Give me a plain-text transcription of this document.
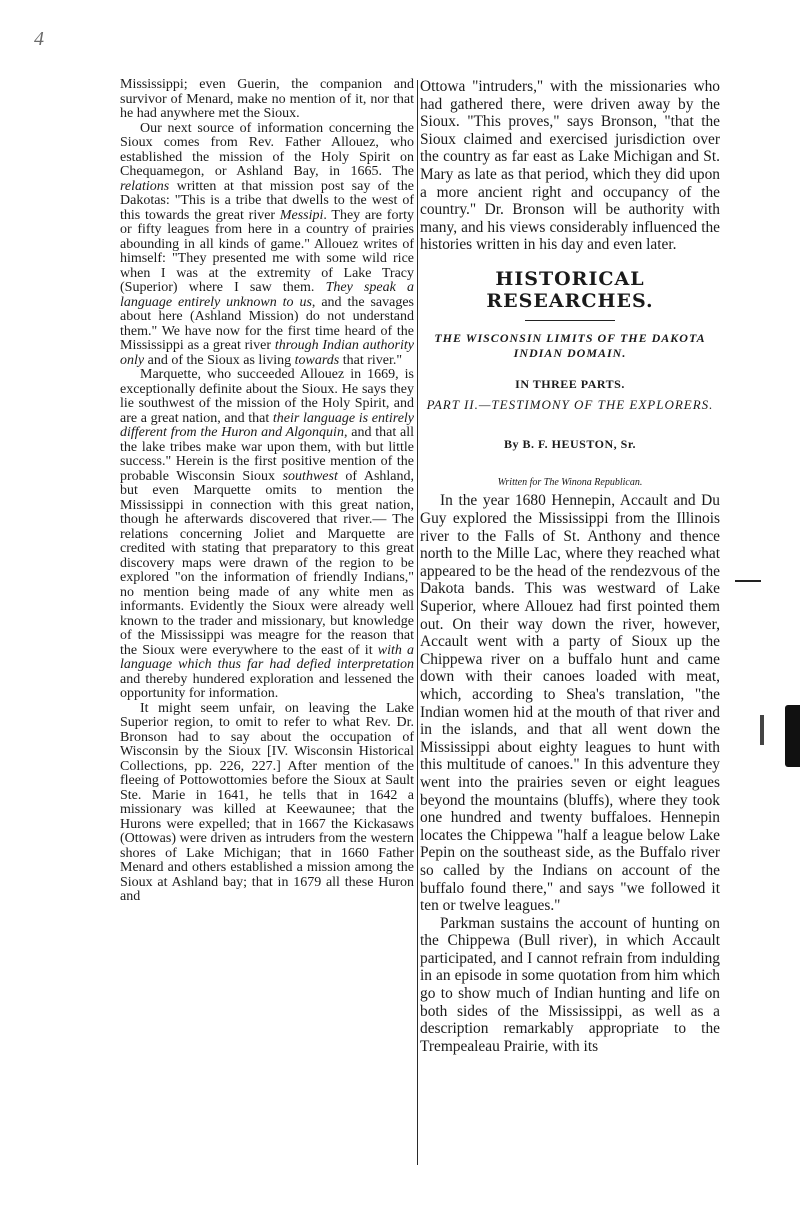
4

Mississippi; even Guerin, the companion and survivor of Menard, make no mention of it, nor that he had anywhere met the Sioux.

Our next source of information concerning the Sioux comes from Rev. Father Allouez, who established the mission of the Holy Spirit on Chequamegon, or Ashland Bay, in 1665. The relations written at that mission post say of the Dakotas: "This is a tribe that dwells to the west of this towards the great river Messipi. They are forty or fifty leagues from here in a country of prairies abounding in all kinds of game." Allouez writes of himself: "They presented me with some wild rice when I was at the extremity of Lake Tracy (Superior) where I saw them. They speak a language entirely unknown to us, and the savages about here (Ashland Mission) do not understand them." We have now for the first time heard of the Mississippi as a great river through Indian authority only and of the Sioux as living towards that river."

Marquette, who succeeded Allouez in 1669, is exceptionally definite about the Sioux. He says they lie southwest of the mission of the Holy Spirit, and are a great nation, and that their language is entirely different from the Huron and Algonquin, and that all the lake tribes make war upon them, with but little success." Herein is the first positive mention of the probable Wisconsin Sioux southwest of Ashland, but even Marquette omits to mention the Mississippi in connection with this great nation, though he afterwards discovered that river.— The relations concerning Joliet and Marquette are credited with stating that preparatory to this great discovery maps were drawn of the region to be explored "on the information of friendly Indians," no mention being made of any white men as informants. Evidently the Sioux were already well known to the trader and missionary, but knowledge of the Mississippi was meagre for the reason that the Sioux were everywhere to the east of it with a language which thus far had defied interpretation and thereby hundered exploration and lessened the opportunity for information.

It might seem unfair, on leaving the Lake Superior region, to omit to refer to what Rev. Dr. Bronson had to say about the occupation of Wisconsin by the Sioux [IV. Wisconsin Historical Collections, pp. 226, 227.] After mention of the fleeing of Pottowottomies before the Sioux at Sault Ste. Marie in 1641, he tells that in 1642 a missionary was killed at Keewaunee; that the Hurons were expelled; that in 1667 the Kickasaws (Ottowas) were driven as intruders from the western shores of Lake Michigan; that in 1660 Father Menard and others established a mission among the Sioux at Ashland bay; that in 1679 all these Huron and

Ottowa "intruders," with the missionaries who had gathered there, were driven away by the Sioux. "This proves," says Bronson, "that the Sioux claimed and exercised jurisdiction over the country as far east as Lake Michigan and St. Mary as late as that period, which they did upon a more ancient right and occupancy of the country." Dr. Bronson will be authority with many, and his views considerably influenced the histories written in his day and even later.

HISTORICAL RESEARCHES.
THE WISCONSIN LIMITS OF THE DAKOTA INDIAN DOMAIN.
IN THREE PARTS.
PART II.—TESTIMONY OF THE EXPLORERS.
By B. F. HEUSTON, Sr.
Written for The Winona Republican.

In the year 1680 Hennepin, Accault and Du Guy explored the Mississippi from the Illinois river to the Falls of St. Anthony and thence north to the Mille Lac, where they reached what appeared to be the head of the rendezvous of the Dakota bands. This was westward of Lake Superior, where Allouez had first pointed them out. On their way down the river, however, Accault went with a party of Sioux up the Chippewa river on a buffalo hunt and came down with their canoes loaded with meat, which, according to Shea's translation, "the Indian women hid at the mouth of that river and in the islands, and that all went down the Mississippi about eighty leagues to hunt with this multitude of canoes." In this adventure they went into the prairies seven or eight leagues beyond the mountains (bluffs), where they took one hundred and twenty buffaloes. Hennepin locates the Chippewa "half a league below Lake Pepin on the southeast side, as the Buffalo river so called by the Indians on account of the buffalo found there," and says "we followed it ten or twelve leagues."

Parkman sustains the account of hunting on the Chippewa (Bull river), in which Accault participated, and I cannot refrain from indulding in an episode in some quotation from him which go to show much of Indian hunting and life on both sides of the Mississippi, as well as a description remarkably appropriate to the Trempealeau Prairie, with its
